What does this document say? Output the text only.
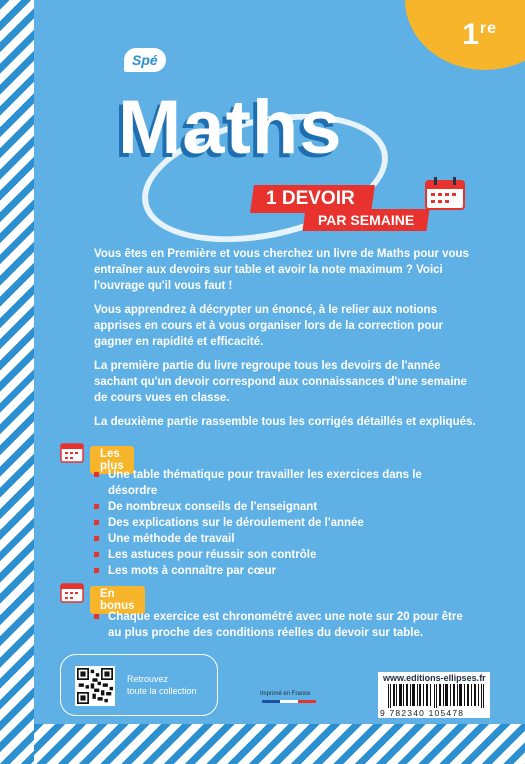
1re
Spé
Maths
1 DEVOIR
PAR SEMAINE

Vous êtes en Première et vous cherchez un livre de Maths pour vous entraîner aux devoirs sur table et avoir la note maximum ? Voici l'ouvrage qu'il vous faut !

Vous apprendrez à décrypter un énoncé, à le relier aux notions apprises en cours et à vous organiser lors de la correction pour gagner en rapidité et efficacité.

La première partie du livre regroupe tous les devoirs de l'année sachant qu'un devoir correspond aux connaissances d'une semaine de cours vues en classe.

La deuxième partie rassemble tous les corrigés détaillés et expliqués.

Les plus
Une table thématique pour travailler les exercices dans le désordre
De nombreux conseils de l'enseignant
Des explications sur le déroulement de l'année
Une méthode de travail
Les astuces pour réussir son contrôle
Les mots à connaître par cœur
En bonus
Chaque exercice est chronométré avec une note sur 20 pour être au plus proche des conditions réelles du devoir sur table.
Retrouvez
toute la collection	Imprimé en France
www.editions-ellipses.fr
9 782340 105478
